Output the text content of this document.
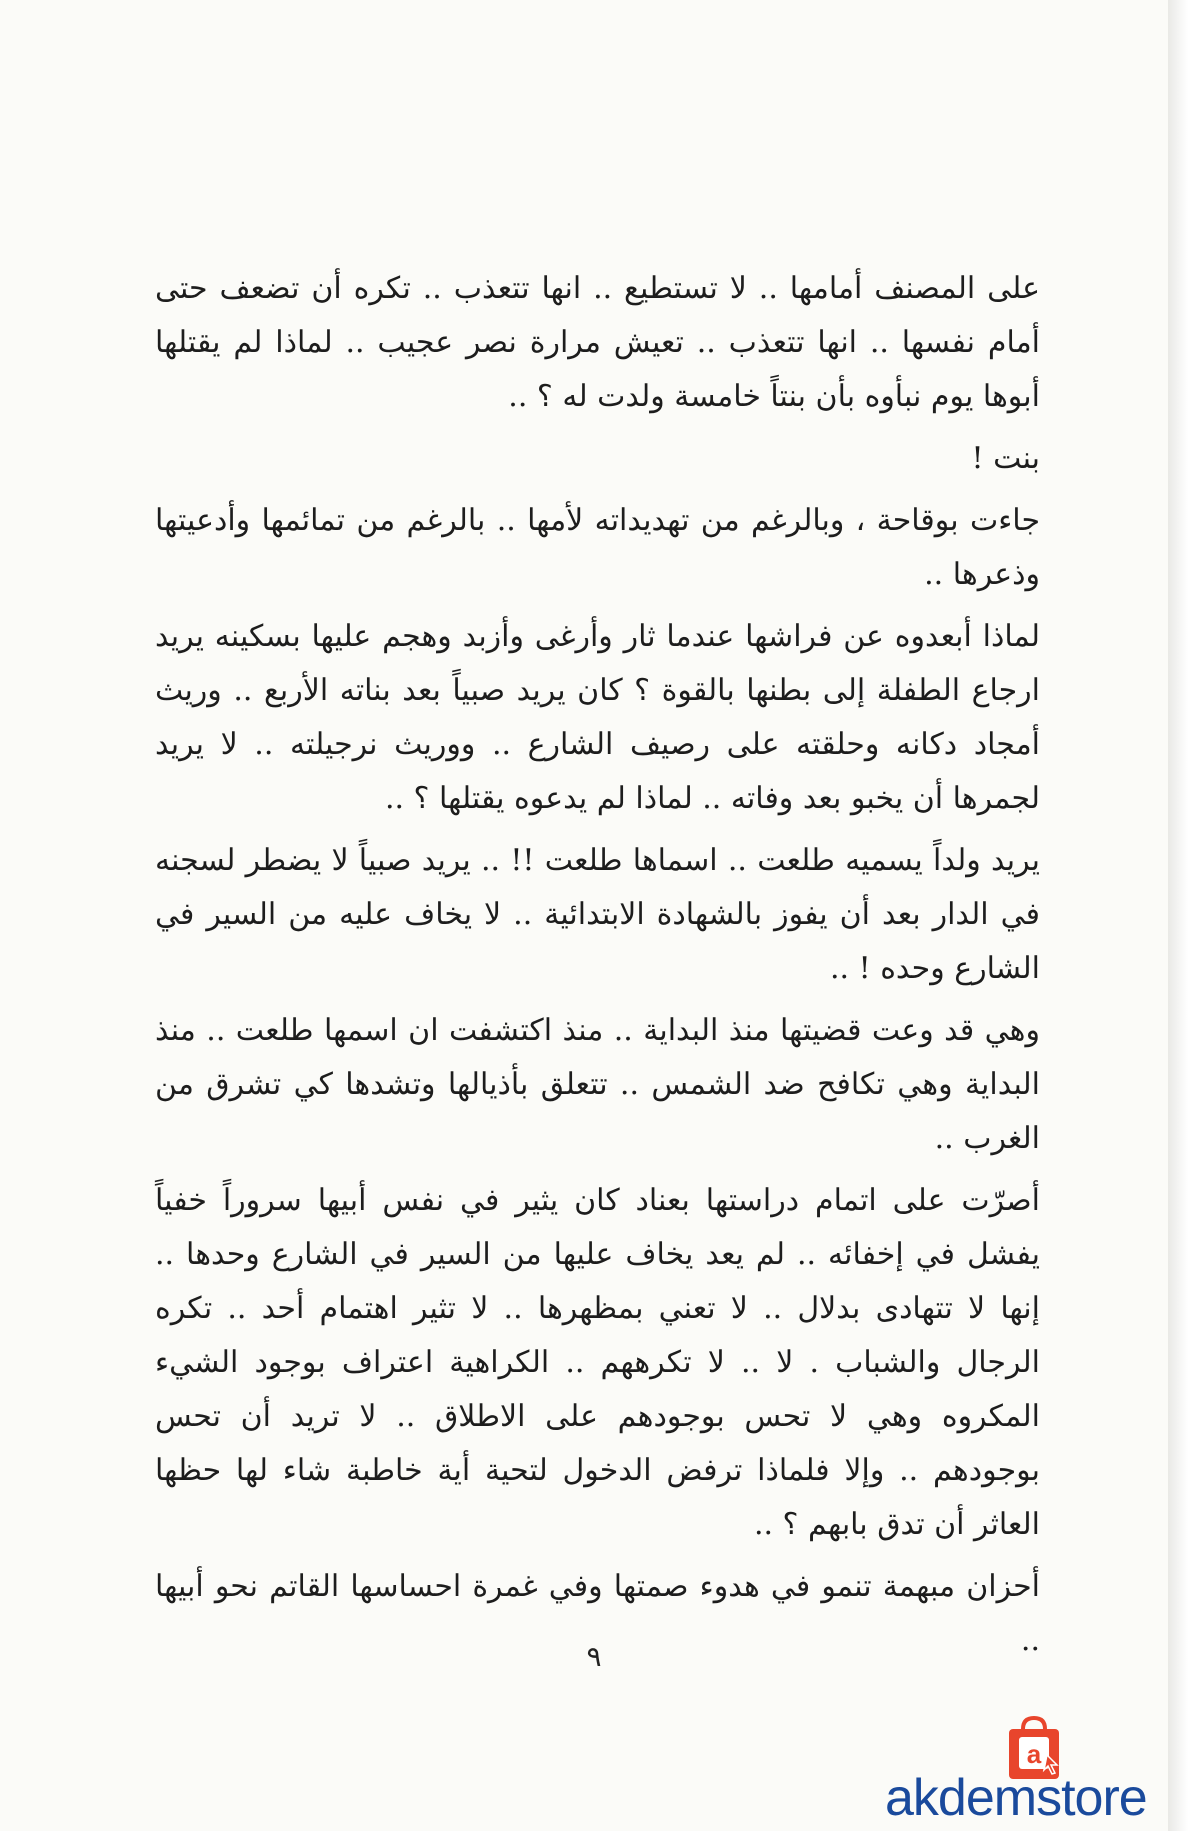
على المصنف أمامها .. لا تستطيع .. انها تتعذب .. تكره أن تضعف حتى أمام نفسها .. انها تتعذب .. تعيش مرارة نصر عجيب .. لماذا لم يقتلها أبوها يوم نبأوه بأن بنتاً خامسة ولدت له ؟ ..

بنت !

جاءت بوقاحة ، وبالرغم من تهديداته لأمها .. بالرغم من تمائمها وأدعيتها وذعرها ..

لماذا أبعدوه عن فراشها عندما ثار وأرغى وأزبد وهجم عليها بسكينه يريد ارجاع الطفلة إلى بطنها بالقوة ؟ كان يريد صبياً بعد بناته الأربع .. وريث أمجاد دكانه وحلقته على رصيف الشارع .. ووريث نرجيلته .. لا يريد لجمرها أن يخبو بعد وفاته .. لماذا لم يدعوه يقتلها ؟ ..

يريد ولداً يسميه طلعت .. اسماها طلعت !! .. يريد صبياً لا يضطر لسجنه في الدار بعد أن يفوز بالشهادة الابتدائية .. لا يخاف عليه من السير في الشارع وحده ! ..

وهي قد وعت قضيتها منذ البداية .. منذ اكتشفت ان اسمها طلعت .. منذ البداية وهي تكافح ضد الشمس .. تتعلق بأذيالها وتشدها كي تشرق من الغرب ..

أصرّت على اتمام دراستها بعناد كان يثير في نفس أبيها سروراً خفياً يفشل في إخفائه .. لم يعد يخاف عليها من السير في الشارع وحدها .. إنها لا تتهادى بدلال .. لا تعني بمظهرها .. لا تثير اهتمام أحد .. تكره الرجال والشباب . لا .. لا تكرههم .. الكراهية اعتراف بوجود الشيء المكروه وهي لا تحس بوجودهم على الاطلاق .. لا تريد أن تحس بوجودهم .. وإلا فلماذا ترفض الدخول لتحية أية خاطبة شاء لها حظها العاثر أن تدق بابهم ؟ ..

أحزان مبهمة تنمو في هدوء صمتها وفي غمرة احساسها القاتم نحو أبيها ..

٩
a
akdemstore
